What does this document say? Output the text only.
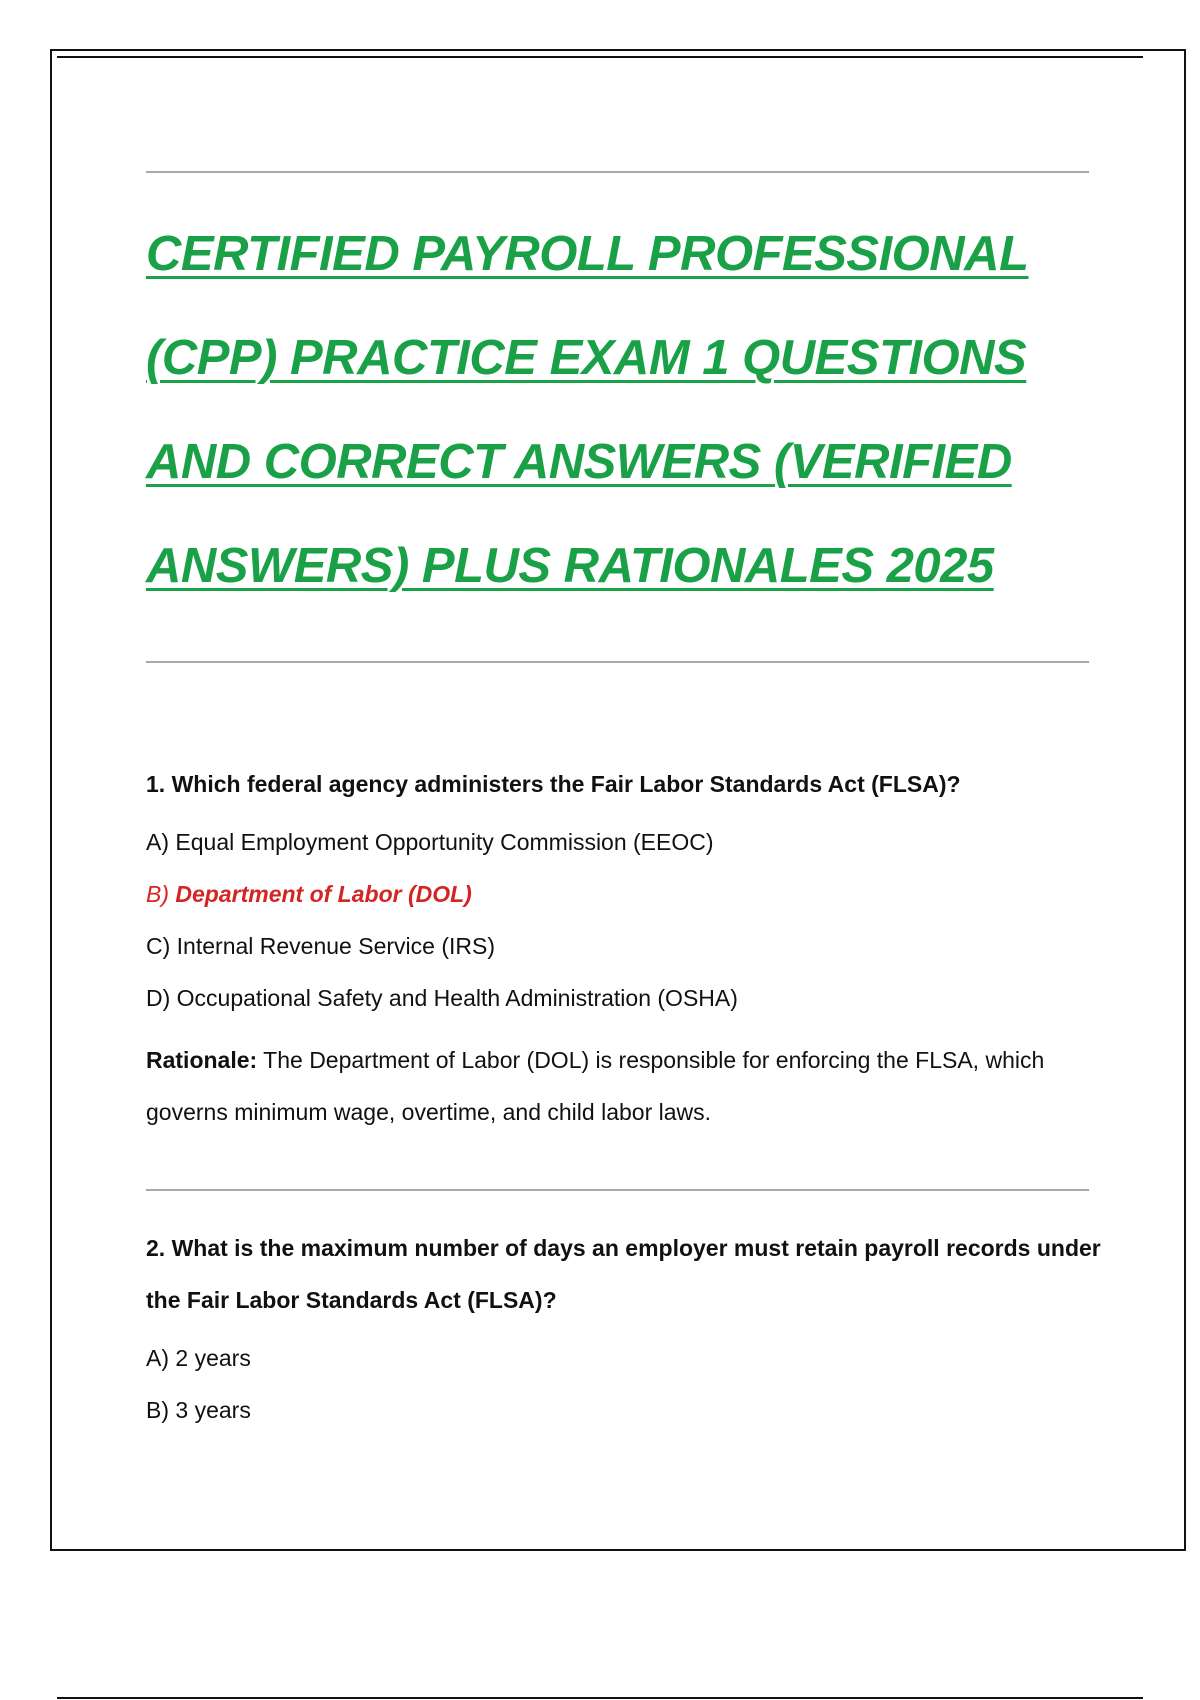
CERTIFIED PAYROLL PROFESSIONAL
(CPP) PRACTICE EXAM 1 QUESTIONS
AND CORRECT ANSWERS (VERIFIED
ANSWERS) PLUS RATIONALES 2025

1. Which federal agency administers the Fair Labor Standards Act (FLSA)?

A) Equal Employment Opportunity Commission (EEOC)

B) Department of Labor (DOL)

C) Internal Revenue Service (IRS)

D) Occupational Safety and Health Administration (OSHA)

Rationale: The Department of Labor (DOL) is responsible for enforcing the FLSA, which governs minimum wage, overtime, and child labor laws.

2. What is the maximum number of days an employer must retain payroll records under the Fair Labor Standards Act (FLSA)?

A) 2 years

B) 3 years
